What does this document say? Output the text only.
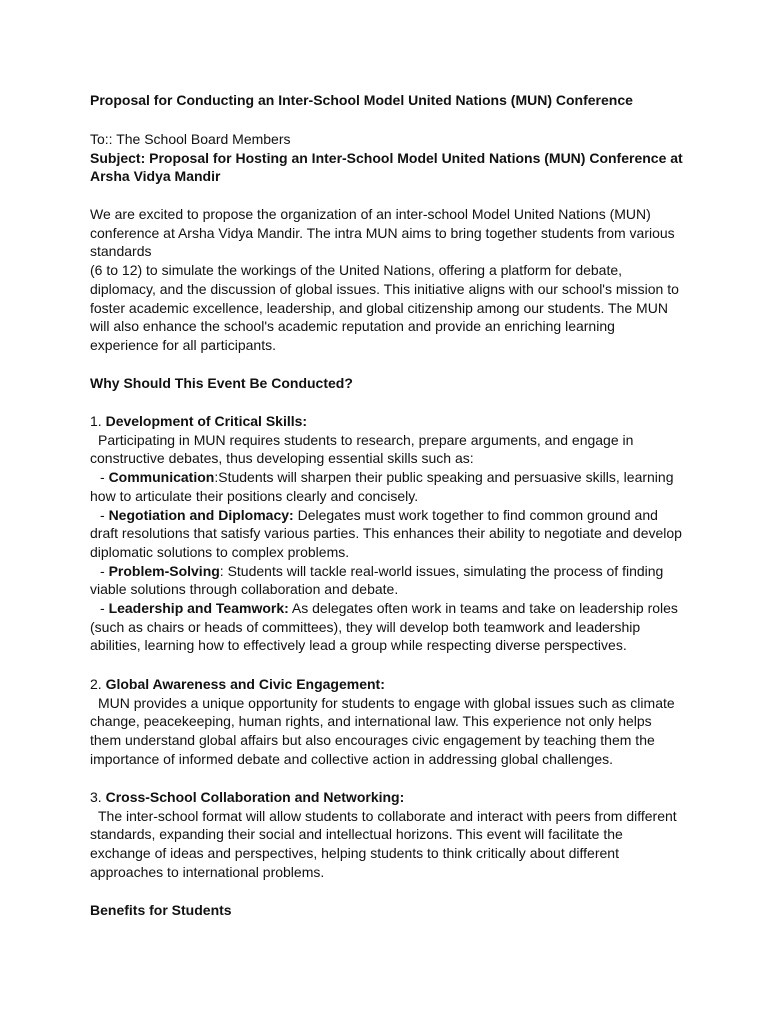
Proposal for Conducting an Inter-School Model United Nations (MUN) Conference

To:: The School Board Members

Subject: Proposal for Hosting an Inter-School Model United Nations (MUN) Conference at

Arsha Vidya Mandir

We are excited to propose the organization of an inter-school Model United Nations (MUN)

conference at Arsha Vidya Mandir. The intra MUN aims to bring together students from various

standards

(6 to 12) to simulate the workings of the United Nations, offering a platform for debate,

diplomacy, and the discussion of global issues. This initiative aligns with our school's mission to

foster academic excellence, leadership, and global citizenship among our students. The MUN

will also enhance the school's academic reputation and provide an enriching learning

experience for all participants.

Why Should This Event Be Conducted?

1. Development of Critical Skills:

Participating in MUN requires students to research, prepare arguments, and engage in

constructive debates, thus developing essential skills such as:

- Communication:Students will sharpen their public speaking and persuasive skills, learning

how to articulate their positions clearly and concisely.

- Negotiation and Diplomacy: Delegates must work together to find common ground and

draft resolutions that satisfy various parties. This enhances their ability to negotiate and develop

diplomatic solutions to complex problems.

- Problem-Solving: Students will tackle real-world issues, simulating the process of finding

viable solutions through collaboration and debate.

- Leadership and Teamwork: As delegates often work in teams and take on leadership roles

(such as chairs or heads of committees), they will develop both teamwork and leadership

abilities, learning how to effectively lead a group while respecting diverse perspectives.

2. Global Awareness and Civic Engagement:

MUN provides a unique opportunity for students to engage with global issues such as climate

change, peacekeeping, human rights, and international law. This experience not only helps

them understand global affairs but also encourages civic engagement by teaching them the

importance of informed debate and collective action in addressing global challenges.

3. Cross-School Collaboration and Networking:

The inter-school format will allow students to collaborate and interact with peers from different

standards, expanding their social and intellectual horizons. This event will facilitate the

exchange of ideas and perspectives, helping students to think critically about different

approaches to international problems.

Benefits for Students
